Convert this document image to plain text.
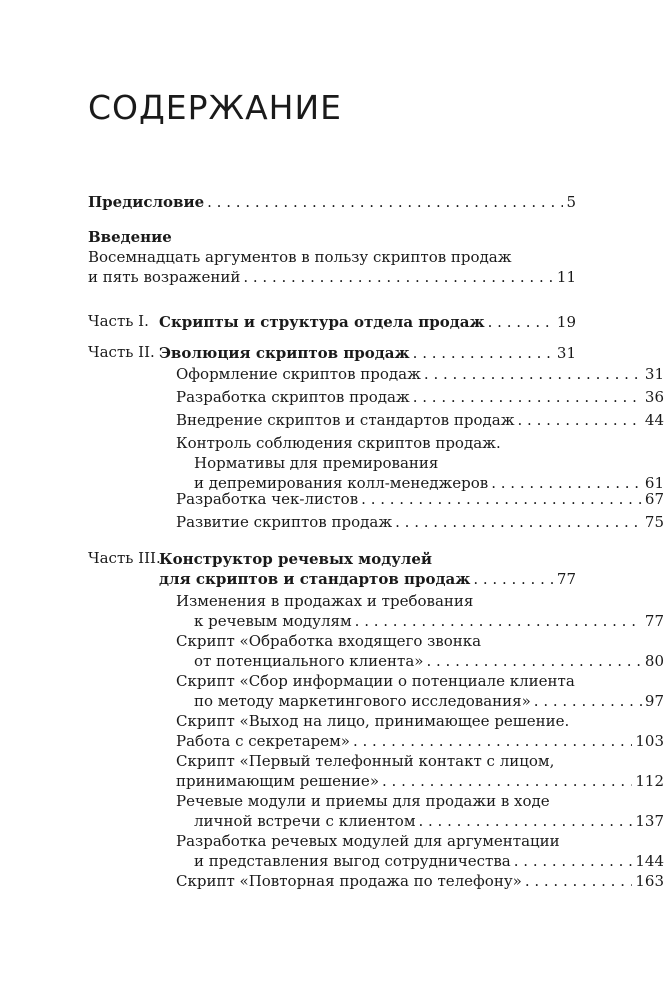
СОДЕРЖАНИЕ
Предисловие . . .	5
Введение
Восемнадцать аргументов в пользу скриптов продаж
и пять возражений . . .	11
Часть I. Скрипты и структура отдела продаж . . .	19
Часть II. Эволюция скриптов продаж . . .	31
Оформление скриптов продаж . . .	31
Разработка скриптов продаж . . .	36
Внедрение скриптов и стандартов продаж . . .	44
Контроль соблюдения скриптов продаж.
Нормативы для премирования
и депремирования колл-менеджеров . . .	61
Разработка чек-листов . . .	67
Развитие скриптов продаж . . .	75
Часть III.
Конструктор речевых модулей
для скриптов и стандартов продаж . . .	77
Изменения в продажах и требования
к речевым модулям . . .	77
Скрипт «Обработка входящего звонка
от потенциального клиента» . . .	80
Скрипт «Сбор информации о потенциале клиента
по методу маркетингового исследования» . . .	97
Скрипт «Выход на лицо, принимающее решение.
Работа с секретарем» . . .	103
Скрипт «Первый телефонный контакт с лицом,
принимающим решение» . . .	112
Речевые модули и приемы для продажи в ходе
личной встречи с клиентом . . .	137
Разработка речевых модулей для аргументации
и представления выгод сотрудничества . . .	144
Скрипт «Повторная продажа по телефону» . . .	163
